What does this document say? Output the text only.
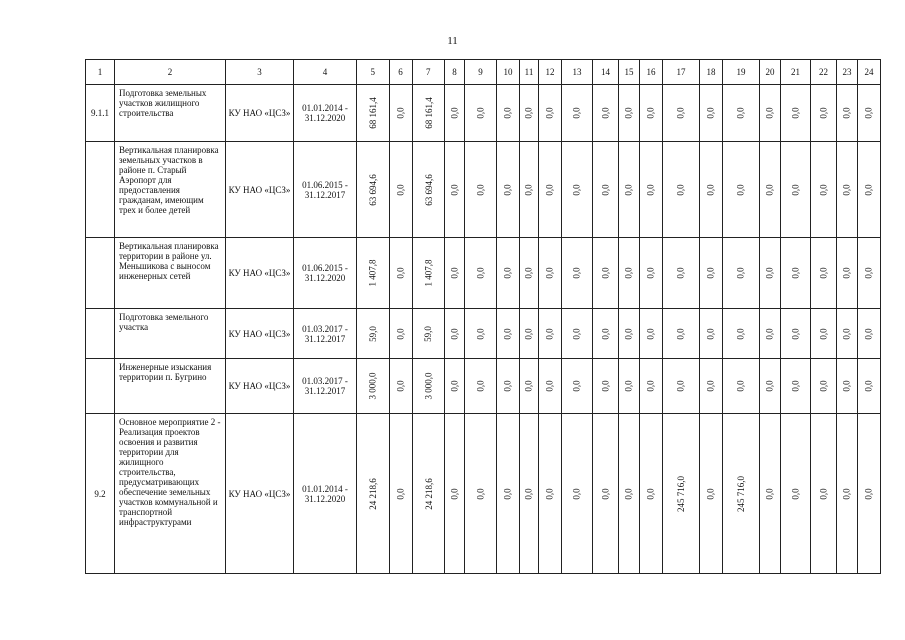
11
1	2	3	4	5	6	7	8	9	10	11	12	13	14	15	16	17	18	19	20	21	22	23	24
9.1.1	Подготовка земельных участков жилищного строительства	КУ НАО «ЦСЗ»	01.01.2014 - 31.12.2020	68 161,4	0,0	68 161,4	0,0	0,0	0,0	0,0	0,0	0,0	0,0	0,0	0,0	0,0	0,0	0,0	0,0	0,0	0,0	0,0	0,0
	Вертикальная планировка земельных участков в районе п. Старый Аэропорт для предоставления гражданам, имеющим трех и более детей	КУ НАО «ЦСЗ»	01.06.2015 - 31.12.2017	63 694,6	0,0	63 694,6	0,0	0,0	0,0	0,0	0,0	0,0	0,0	0,0	0,0	0,0	0,0	0,0	0,0	0,0	0,0	0,0	0,0
	Вертикальная планировка территории в районе ул. Меньшикова с выносом инженерных сетей	КУ НАО «ЦСЗ»	01.06.2015 - 31.12.2020	1 407,8	0,0	1 407,8	0,0	0,0	0,0	0,0	0,0	0,0	0,0	0,0	0,0	0,0	0,0	0,0	0,0	0,0	0,0	0,0	0,0
	Подготовка земельного участка	КУ НАО «ЦСЗ»	01.03.2017 - 31.12.2017	59,0	0,0	59,0	0,0	0,0	0,0	0,0	0,0	0,0	0,0	0,0	0,0	0,0	0,0	0,0	0,0	0,0	0,0	0,0	0,0
	Инженерные изыскания территории п. Бугрино	КУ НАО «ЦСЗ»	01.03.2017 - 31.12.2017	3 000,0	0,0	3 000,0	0,0	0,0	0,0	0,0	0,0	0,0	0,0	0,0	0,0	0,0	0,0	0,0	0,0	0,0	0,0	0,0	0,0
9.2	Основное мероприятие 2 - Реализация проектов освоения и развития территории для жилищного строительства, предусматривающих обеспечение земельных участков коммунальной и транспортной инфраструктурами	КУ НАО «ЦСЗ»	01.01.2014 - 31.12.2020	24 218,6	0,0	24 218,6	0,0	0,0	0,0	0,0	0,0	0,0	0,0	0,0	0,0	245 716,0	0,0	245 716,0	0,0	0,0	0,0	0,0	0,0
